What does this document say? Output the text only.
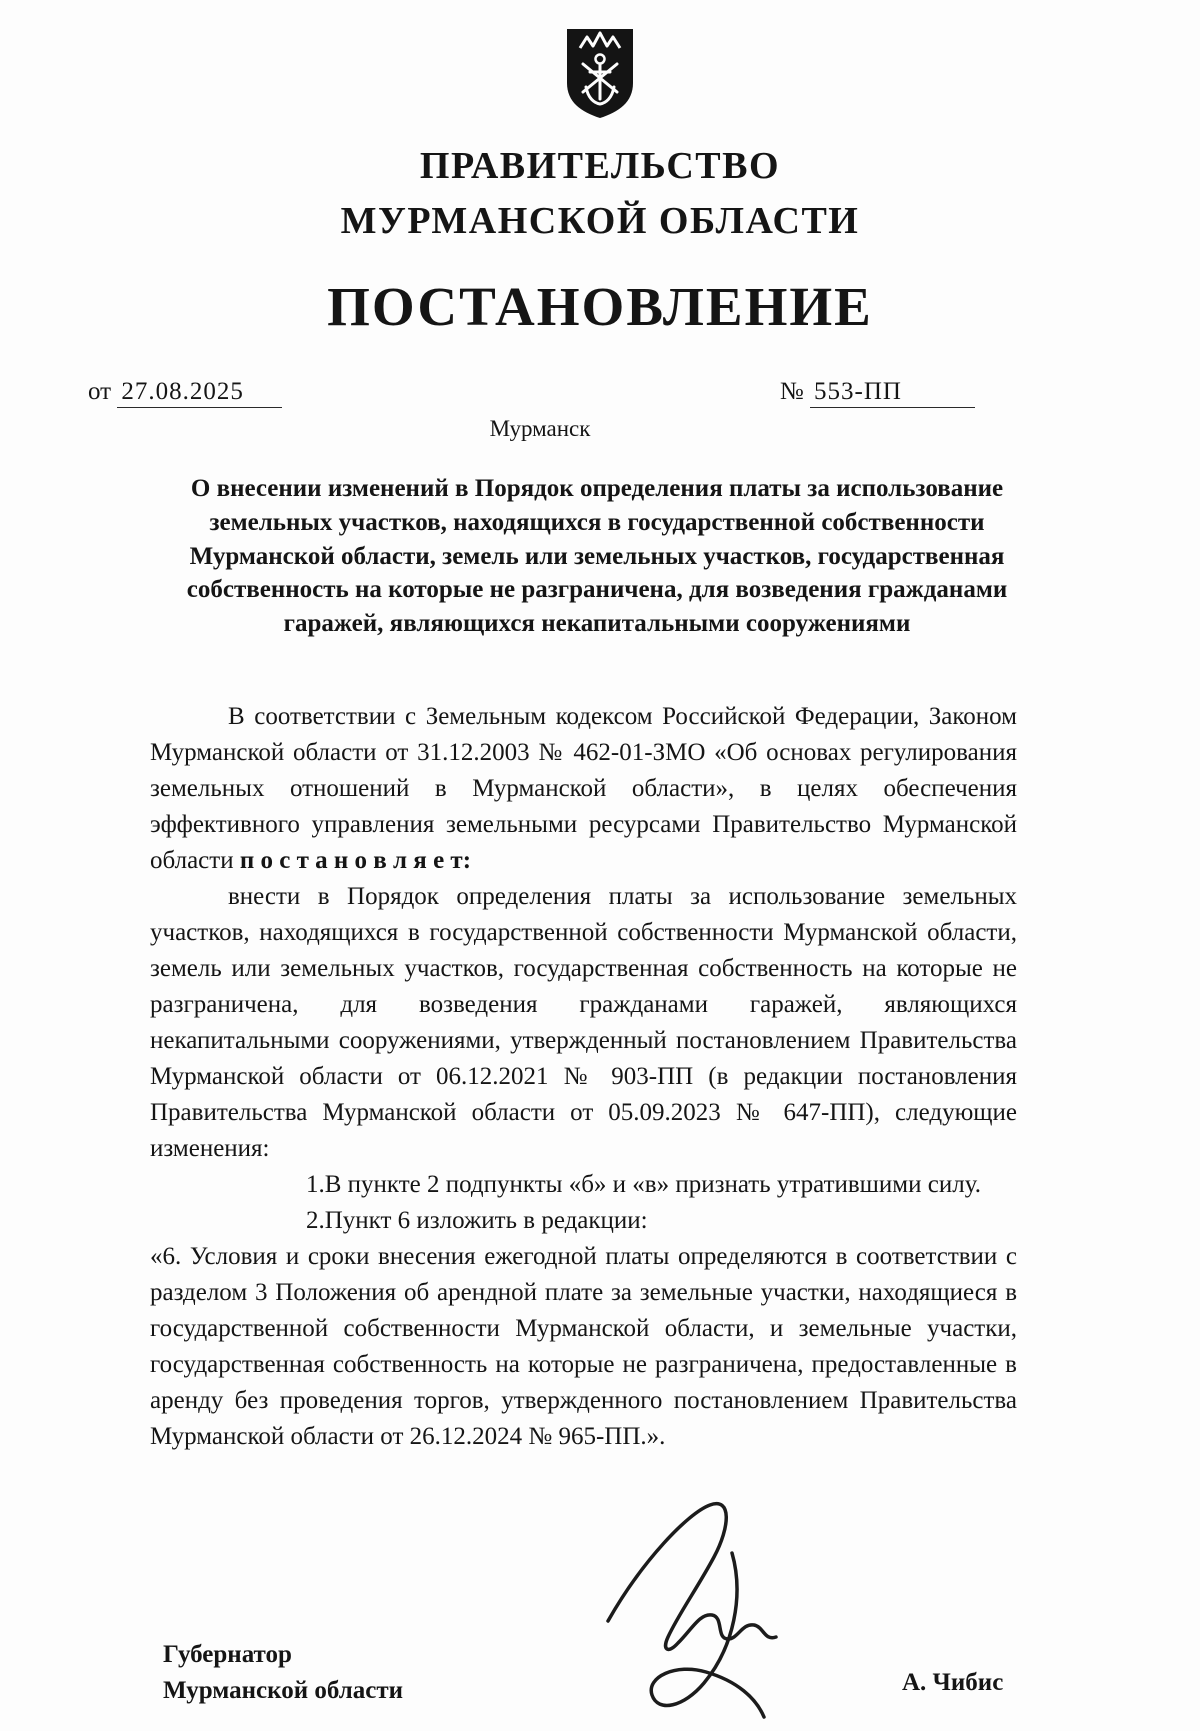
ПРАВИТЕЛЬСТВО
МУРМАНСКОЙ ОБЛАСТИ
ПОСТАНОВЛЕНИЕ
от 27.08.2025	№ 553-ПП
Мурманск
О внесении изменений в Порядок определения платы за использование земельных участков, находящихся в государственной собственности Мурманской области, земель или земельных участков, государственная собственность на которые не разграничена, для возведения гражданами гаражей, являющихся некапитальными сооружениями

В соответствии с Земельным кодексом Российской Федерации, Законом Мурманской области от 31.12.2003 № 462-01-ЗМО «Об основах регулирования земельных отношений в Мурманской области», в целях обеспечения эффективного управления земельными ресурсами Правительство Мурманской области п о с т а н о в л я е т:

внести в Порядок определения платы за использование земельных участков, находящихся в государственной собственности Мурманской области, земель или земельных участков, государственная собственность на которые не разграничена, для возведения гражданами гаражей, являющихся некапитальными сооружениями, утвержденный постановлением Правительства Мурманской области от 06.12.2021 № 903-ПП (в редакции постановления Правительства Мурманской области от 05.09.2023 № 647-ПП), следующие изменения:

1.В пункте 2 подпункты «б» и «в» признать утратившими силу.

2.Пункт 6 изложить в редакции:

«6. Условия и сроки внесения ежегодной платы определяются в соответствии с разделом 3 Положения об арендной плате за земельные участки, находящиеся в государственной собственности Мурманской области, и земельные участки, государственная собственность на которые не разграничена, предоставленные в аренду без проведения торгов, утвержденного постановлением Правительства Мурманской области от 26.12.2024 № 965-ПП.».

Губернатор
Мурманской области	А. Чибис
